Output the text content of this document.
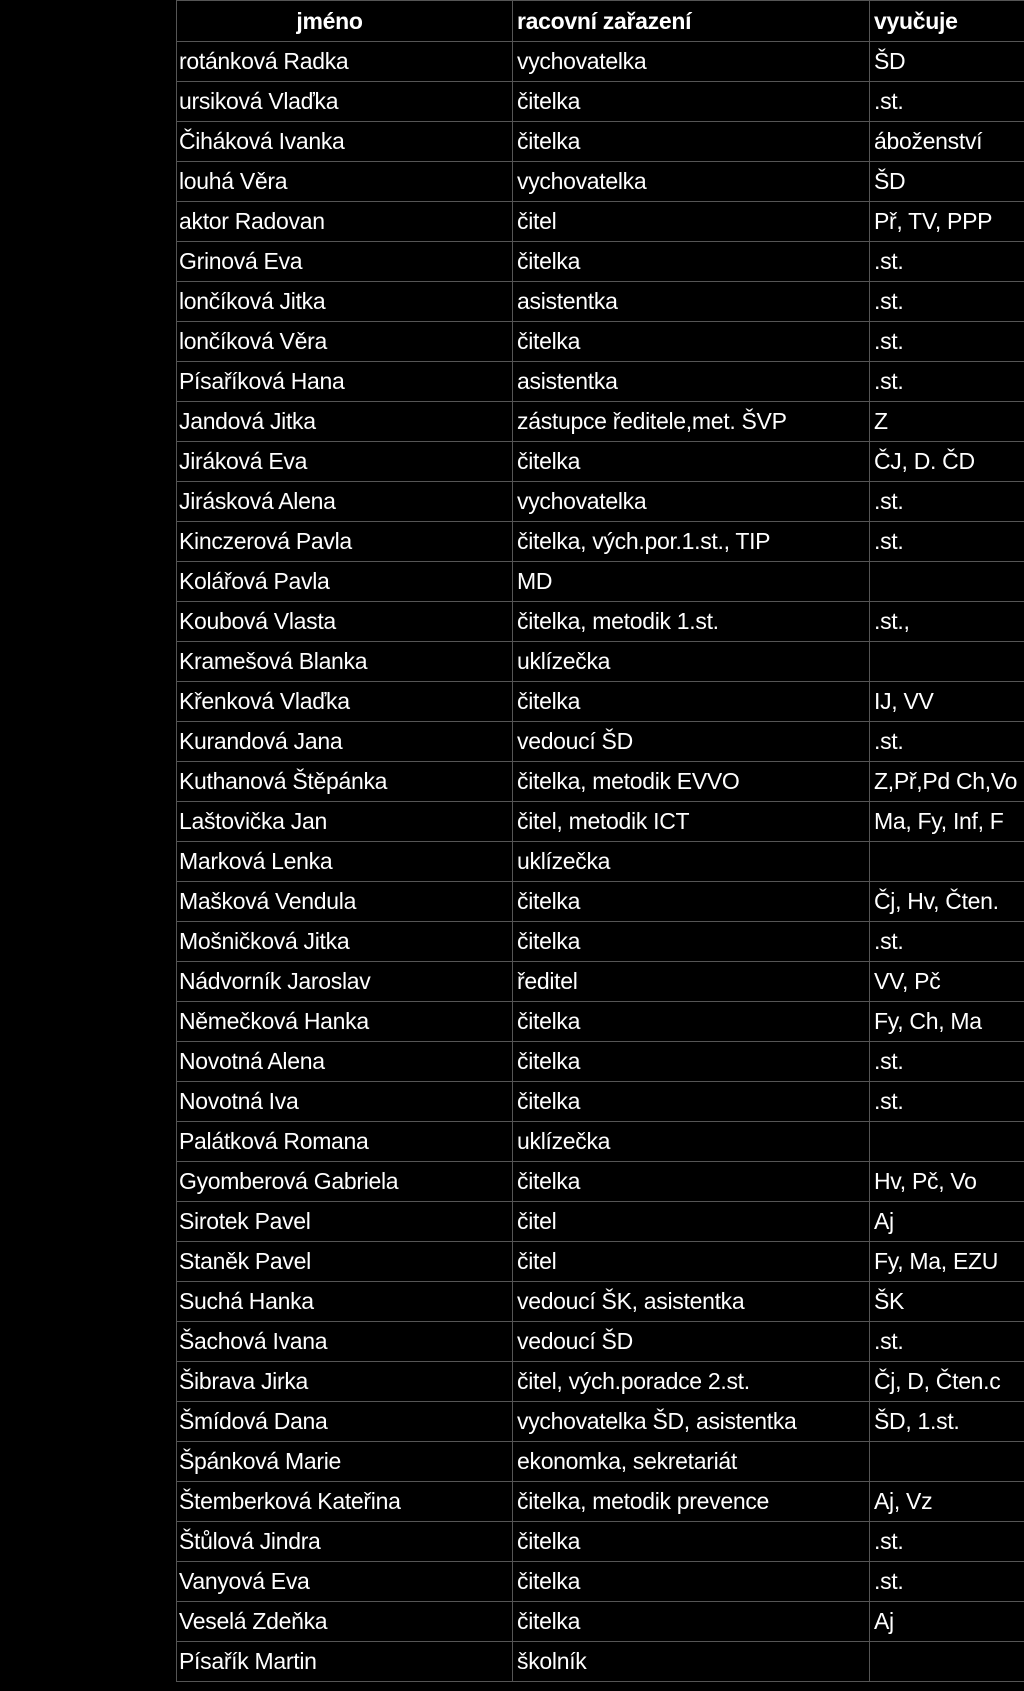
jméno	racovní zařazení	vyučuje
rotánková Radka	vychovatelka	ŠD
ursiková Vlaďka	čitelka	.st.
Čiháková Ivanka	čitelka	áboženství
louhá Věra	vychovatelka	ŠD
aktor Radovan	čitel	Př, TV, PPP
Grinová Eva	čitelka	.st.
lončíková Jitka	asistentka	.st.
lončíková Věra	čitelka	.st.
Písaříková Hana	asistentka	.st.
Jandová Jitka	zástupce ředitele,met. ŠVP	Z
Jiráková Eva	čitelka	ČJ, D. ČD
Jirásková Alena	vychovatelka	.st.
Kinczerová Pavla	čitelka, vých.por.1.st., TIP	.st.
Kolářová Pavla	MD	
Koubová Vlasta	čitelka, metodik 1.st.	.st.,
Kramešová Blanka	uklízečka	
Křenková Vlaďka	čitelka	IJ, VV
Kurandová Jana	vedoucí ŠD	.st.
Kuthanová Štěpánka	čitelka, metodik EVVO	Z,Př,Pd Ch,Vo
Laštovička Jan	čitel, metodik ICT	Ma, Fy, Inf, F
Marková Lenka	uklízečka	
Mašková Vendula	čitelka	Čj, Hv, Čten.
Mošničková Jitka	čitelka	.st.
Nádvorník Jaroslav	ředitel	VV, Pč
Němečková Hanka	čitelka	Fy, Ch, Ma
Novotná Alena	čitelka	.st.
Novotná Iva	čitelka	.st.
Palátková Romana	uklízečka	
Gyomberová Gabriela	čitelka	Hv, Pč, Vo
Sirotek Pavel	čitel	Aj
Staněk Pavel	čitel	Fy, Ma, EZU
Suchá Hanka	vedoucí ŠK, asistentka	ŠK
Šachová Ivana	vedoucí ŠD	.st.
Šibrava Jirka	čitel, vých.poradce 2.st.	Čj, D, Čten.c
Šmídová Dana	vychovatelka ŠD, asistentka	ŠD, 1.st.
Špánková Marie	ekonomka, sekretariát	
Štemberková Kateřina	čitelka, metodik prevence	Aj, Vz
Štůlová Jindra	čitelka	.st.
Vanyová Eva	čitelka	.st.
Veselá Zdeňka	čitelka	Aj
Písařík Martin	školník	
